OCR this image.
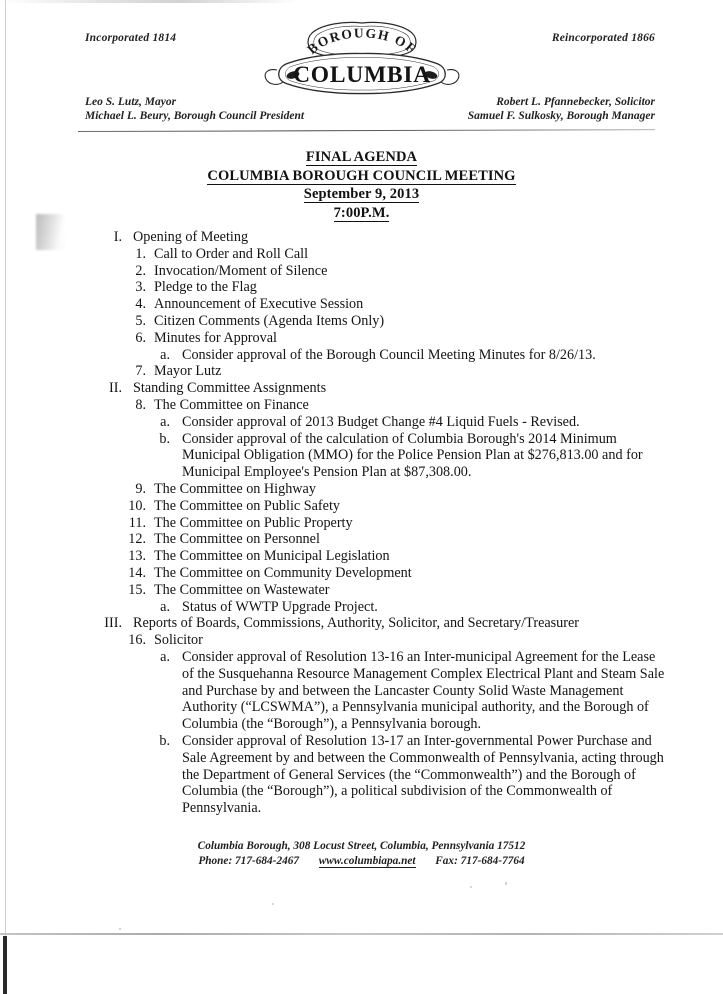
Incorporated 1814	Reincorporated 1866
BOROUGH OF
COLUMBIA
Leo S. Lutz, Mayor
Michael L. Beury, Borough Council President
Robert L. Pfannebecker, Solicitor
Samuel F. Sulkosky, Borough Manager
FINAL AGENDA
COLUMBIA BOROUGH COUNCIL MEETING
September 9, 2013
7:00P.M.
I. Opening of Meeting
1. Call to Order and Roll Call
2. Invocation/Moment of Silence
3. Pledge to the Flag
4. Announcement of Executive Session
5. Citizen Comments (Agenda Items Only)
6. Minutes for Approval
a. Consider approval of the Borough Council Meeting Minutes for 8/26/13.
7. Mayor Lutz
II. Standing Committee Assignments
8. The Committee on Finance
a. Consider approval of 2013 Budget Change #4 Liquid Fuels - Revised.
b. Consider approval of the calculation of Columbia Borough's 2014 Minimum Municipal Obligation (MMO) for the Police Pension Plan at $276,813.00 and for Municipal Employee's Pension Plan at $87,308.00.
9. The Committee on Highway
10. The Committee on Public Safety
11. The Committee on Public Property
12. The Committee on Personnel
13. The Committee on Municipal Legislation
14. The Committee on Community Development
15. The Committee on Wastewater
a. Status of WWTP Upgrade Project.
III. Reports of Boards, Commissions, Authority, Solicitor, and Secretary/Treasurer
16. Solicitor
a. Consider approval of Resolution 13-16 an Inter-municipal Agreement for the Lease of the Susquehanna Resource Management Complex Electrical Plant and Steam Sale and Purchase by and between the Lancaster County Solid Waste Management Authority (“LCSWMA”), a Pennsylvania municipal authority, and the Borough of Columbia (the “Borough”), a Pennsylvania borough.
b. Consider approval of Resolution 13-17 an Inter-governmental Power Purchase and Sale Agreement by and between the Commonwealth of Pennsylvania, acting through the Department of General Services (the “Commonwealth”) and the Borough of Columbia (the “Borough”), a political subdivision of the Commonwealth of Pennsylvania.
Columbia Borough, 308 Locust Street, Columbia, Pennsylvania 17512
Phone: 717-684-2467 www.columbiapa.net Fax: 717-684-7764
